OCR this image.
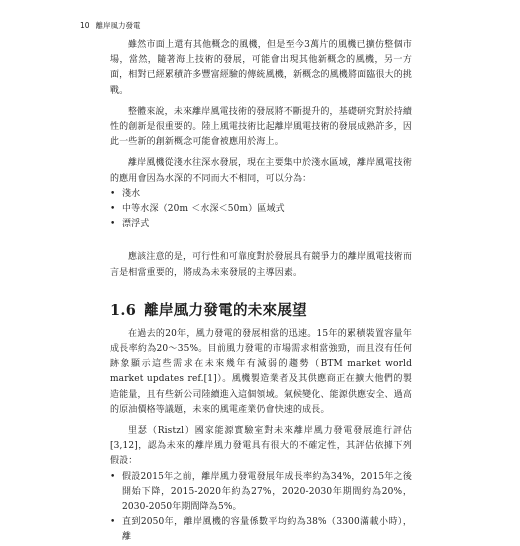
10 離岸風力發電

雖然市面上還有其他概念的風機，但是至今3萬片的風機已擴仿整個市場，當然，隨著海上技術的發展，可能會出現其他新概念的風機，另一方面，相對已經累積許多豐富經驗的傳統風機，新概念的風機將面臨很大的挑戰。

整體來說，未來離岸風電技術的發展將不斷提升的，基礎研究對於持續性的創新是很重要的。陸上風電技術比起離岸風電技術的發展成熟許多，因此一些新的創新概念可能會被應用於海上。

離岸風機從淺水往深水發展，現在主要集中於淺水區域，離岸風電技術的應用會因為水深的不同而大不相同，可以分為：

• 淺水
• 中等水深（20m ＜水深＜50m）區域式
• 漂浮式

應該注意的是，可行性和可靠度對於發展具有競爭力的離岸風電技術而言是相當重要的，將成為未來發展的主導因素。

1.6 離岸風力發電的未來展望

在過去的20年，風力發電的發展相當的迅速。15年的累積裝置容量年成長率約為20～35%。目前風力發電的市場需求相當強勁，而且沒有任何跡象顯示這些需求在未來幾年有減弱的趨勢（BTM market world market updates ref.[1]）。風機製造業者及其供應商正在擴大他們的製造能量，且有些新公司陸續進入這個領域。氣候變化、能源供應安全、過高的原油價格等議題，未來的風電產業仍會快速的成長。

里瑟（Ristzl）國家能源實驗室對未來離岸風力發電發展進行評估[3,12]，認為未來的離岸風力發電具有很大的不確定性，其評估依據下列假設：

• 假設2015年之前，離岸風力發電發展年成長率約為34%，2015年之後開始下降，2015-2020年約為27%，2020-2030年期間約為20%，2030-2050年期間降為5%。
• 直到2050年，離岸風機的容量係數平均約為38%（3300滿載小時），離
